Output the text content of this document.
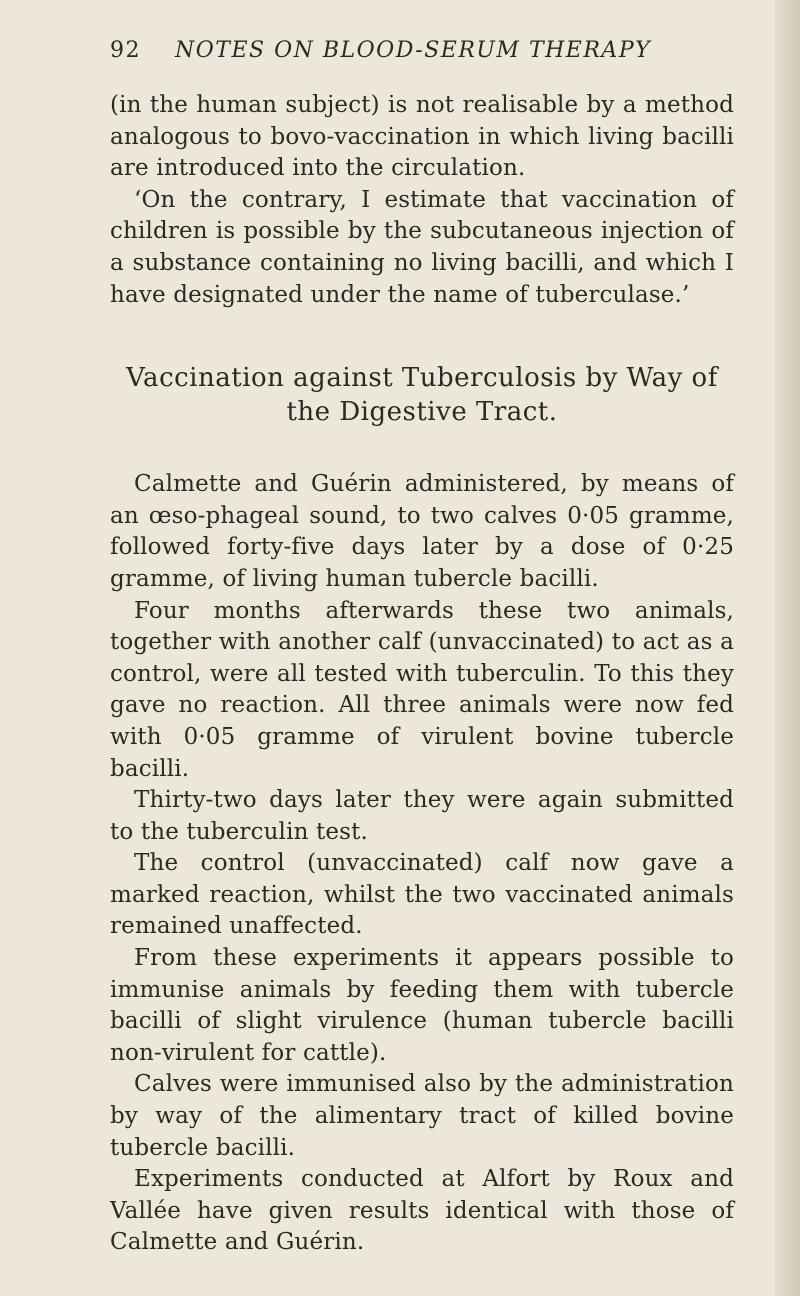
92 NOTES ON BLOOD-SERUM THERAPY

(in the human subject) is not realisable by a method analogous to bovo-vaccination in which living bacilli are introduced into the circulation.

‘On the contrary, I estimate that vaccination of children is possible by the subcutaneous injection of a substance containing no living bacilli, and which I have designated under the name of tuberculase.’

Vaccination against Tuberculosis by Way of
the Digestive Tract.

Calmette and Guérin administered, by means of an œso-phageal sound, to two calves 0·05 gramme, followed forty-five days later by a dose of 0·25 gramme, of living human tubercle bacilli.

Four months afterwards these two animals, together with another calf (unvaccinated) to act as a control, were all tested with tuberculin. To this they gave no reaction. All three animals were now fed with 0·05 gramme of virulent bovine tubercle bacilli.

Thirty-two days later they were again submitted to the tuberculin test.

The control (unvaccinated) calf now gave a marked reaction, whilst the two vaccinated animals remained unaffected.

From these experiments it appears possible to immunise animals by feeding them with tubercle bacilli of slight virulence (human tubercle bacilli non-virulent for cattle).

Calves were immunised also by the administration by way of the alimentary tract of killed bovine tubercle bacilli.

Experiments conducted at Alfort by Roux and Vallée have given results identical with those of Calmette and Guérin.
